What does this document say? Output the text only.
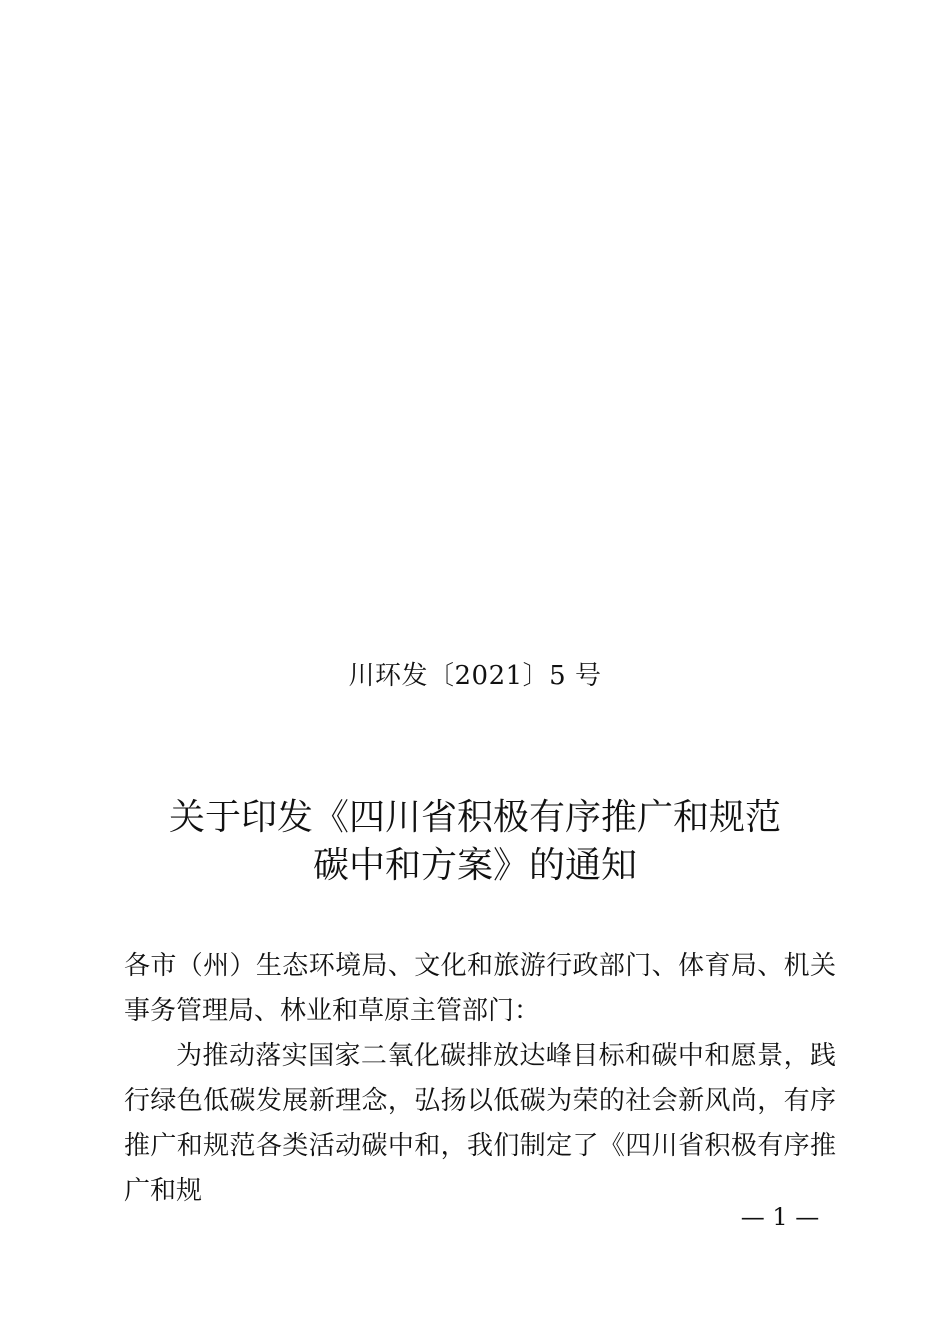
川环发〔2021〕5 号
关于印发《四川省积极有序推广和规范
碳中和方案》的通知

各市（州）生态环境局、文化和旅游行政部门、体育局、机关事务管理局、林业和草原主管部门：

为推动落实国家二氧化碳排放达峰目标和碳中和愿景，践行绿色低碳发展新理念，弘扬以低碳为荣的社会新风尚，有序推广和规范各类活动碳中和，我们制定了《四川省积极有序推广和规

— 1 —
